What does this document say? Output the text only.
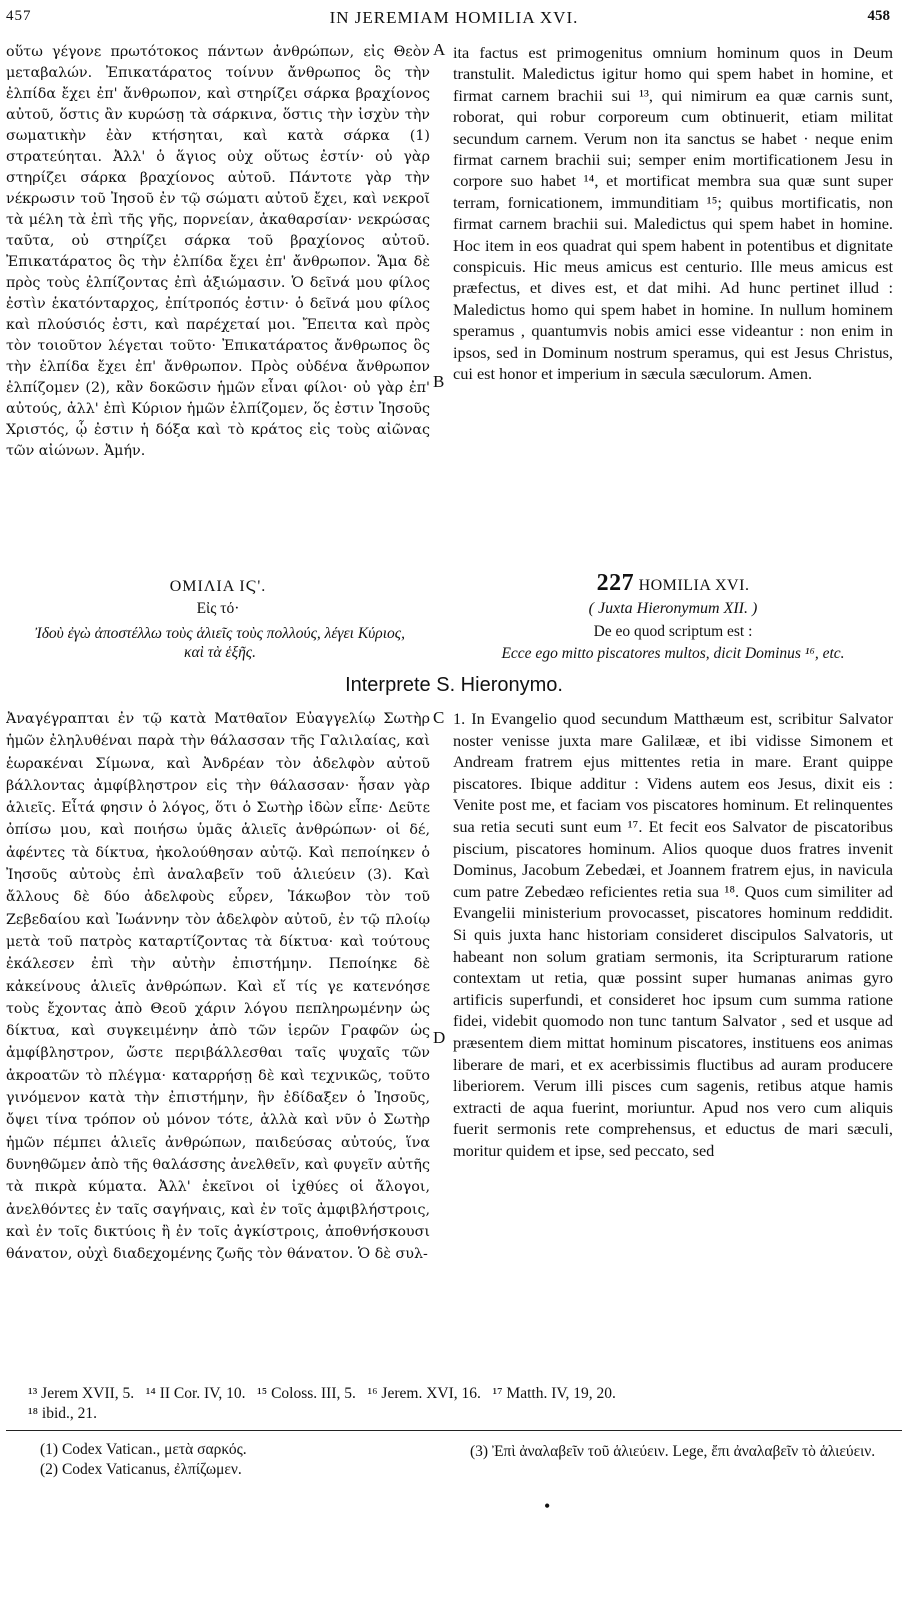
457	IN JEREMIAM HOMILIA XVI.	458

οὕτω γέγονε πρωτότοκος πάντων ἀνθρώπων, εἰς Θεὸν μεταβαλών. Ἐπικατάρατος τοίνυν ἄνθρωπος ὃς τὴν ἐλπίδα ἔχει ἐπ' ἄνθρωπον, καὶ στηρίζει σάρκα βραχίονος αὐτοῦ, ὅστις ἂν κυρώσῃ τὰ σάρκινα, ὅστις τὴν ἰσχὺν τὴν σωματικὴν ἐὰν κτήσηται, καὶ κατὰ σάρκα (1) στρατεύηται. Ἀλλ' ὁ ἅγιος οὐχ οὕτως ἐστίν· οὐ γὰρ στηρίζει σάρκα βραχίονος αὐτοῦ. Πάντοτε γὰρ τὴν νέκρωσιν τοῦ Ἰησοῦ ἐν τῷ σώματι αὐτοῦ ἔχει, καὶ νεκροῖ τὰ μέλη τὰ ἐπὶ τῆς γῆς, πορνείαν, ἀκαθαρσίαν· νεκρώσας ταῦτα, οὐ στηρίζει σάρκα τοῦ βραχίονος αὐτοῦ. Ἐπικατάρατος ὃς τὴν ἐλπίδα ἔχει ἐπ' ἄνθρωπον. Ἅμα δὲ πρὸς τοὺς ἐλπίζοντας ἐπὶ ἀξιώμασιν. Ὁ δεῖνά μου φίλος ἐστὶν ἑκατόνταρχος, ἐπίτροπός ἐστιν· ὁ δεῖνά μου φίλος καὶ πλούσιός ἐστι, καὶ παρέχεταί μοι. Ἔπειτα καὶ πρὸς τὸν τοιοῦτον λέγεται τοῦτο· Ἐπικατάρατος ἄνθρωπος ὃς τὴν ἐλπίδα ἔχει ἐπ' ἄνθρωπον. Πρὸς οὐδένα ἄνθρωπον ἐλπίζομεν (2), κἂν δοκῶσιν ἡμῶν εἶναι φίλοι· οὐ γὰρ ἐπ' αὐτούς, ἀλλ' ἐπὶ Κύριον ἡμῶν ἐλπίζομεν, ὅς ἐστιν Ἰησοῦς Χριστός, ᾧ ἐστιν ἡ δόξα καὶ τὸ κράτος εἰς τοὺς αἰῶνας τῶν αἰώνων. Ἀμήν.

A
B

ita factus est primogenitus omnium hominum quos in Deum transtulit. Maledictus igitur homo qui spem habet in homine, et firmat carnem brachii sui ¹³, qui nimirum ea quæ carnis sunt, roborat, qui robur corporeum cum obtinuerit, etiam militat secundum carnem. Verum non ita sanctus se habet · neque enim firmat carnem brachii sui; semper enim mortificationem Jesu in corpore suo habet ¹⁴, et mortificat membra sua quæ sunt super terram, fornicationem, immunditiam ¹⁵; quibus mortificatis, non firmat carnem brachii sui. Maledictus qui spem habet in homine. Hoc item in eos quadrat qui spem habent in potentibus et dignitate conspicuis. Hic meus amicus est centurio. Ille meus amicus est præfectus, et dives est, et dat mihi. Ad hunc pertinet illud : Maledictus homo qui spem habet in homine. In nullum hominem speramus , quantumvis nobis amici esse videantur : non enim in ipsos, sed in Dominum nostrum speramus, qui est Jesus Christus, cui est honor et imperium in sæcula sæculorum. Amen.

ΟΜΙΛΙΑ ΙϚ'.
Εἰς τό·
Ἰδοὺ ἐγὼ ἀποστέλλω τοὺς ἁλιεῖς τοὺς πολλούς, λέγει Κύριος, καὶ τὰ ἑξῆς.
227 HOMILIA XVI.
( Juxta Hieronymum XII. )
De eo quod scriptum est :
Ecce ego mitto piscatores multos, dicit Dominus ¹⁶, etc.
Interprete S. Hieronymo.

Ἀναγέγραπται ἐν τῷ κατὰ Ματθαῖον Εὐαγγελίῳ Σωτὴρ ἡμῶν ἐληλυθέναι παρὰ τὴν θάλασσαν τῆς Γαλιλαίας, καὶ ἑωρακέναι Σίμωνα, καὶ Ἀνδρέαν τὸν ἀδελφὸν αὐτοῦ βάλλοντας ἀμφίβληστρον εἰς τὴν θάλασσαν· ἦσαν γὰρ ἁλιεῖς. Εἶτά φησιν ὁ λόγος, ὅτι ὁ Σωτὴρ ἰδὼν εἶπε· Δεῦτε ὀπίσω μου, καὶ ποιήσω ὑμᾶς ἁλιεῖς ἀνθρώπων· οἱ δέ, ἀφέντες τὰ δίκτυα, ἠκολούθησαν αὐτῷ. Καὶ πεποίηκεν ὁ Ἰησοῦς αὐτοὺς ἐπὶ ἀναλαβεῖν τοῦ ἁλιεύειν (3). Καὶ ἄλλους δὲ δύο ἀδελφοὺς εὗρεν, Ἰάκωβον τὸν τοῦ Ζεβεδαίου καὶ Ἰωάννην τὸν ἀδελφὸν αὐτοῦ, ἐν τῷ πλοίῳ μετὰ τοῦ πατρὸς καταρτίζοντας τὰ δίκτυα· καὶ τούτους ἐκάλεσεν ἐπὶ τὴν αὐτὴν ἐπιστήμην. Πεποίηκε δὲ κἀκείνους ἁλιεῖς ἀνθρώπων. Καὶ εἴ τίς γε κατενόησε τοὺς ἔχοντας ἀπὸ Θεοῦ χάριν λόγου πεπληρωμένην ὡς δίκτυα, καὶ συγκειμένην ἀπὸ τῶν ἱερῶν Γραφῶν ὡς ἀμφίβληστρον, ὥστε περιβάλλεσθαι ταῖς ψυχαῖς τῶν ἀκροατῶν τὸ πλέγμα· καταρρήσῃ δὲ καὶ τεχνικῶς, τοῦτο γινόμενον κατὰ τὴν ἐπιστήμην, ἣν ἐδίδαξεν ὁ Ἰησοῦς, ὄψει τίνα τρόπον οὐ μόνον τότε, ἀλλὰ καὶ νῦν ὁ Σωτὴρ ἡμῶν πέμπει ἁλιεῖς ἀνθρώπων, παιδεύσας αὐτούς, ἵνα δυνηθῶμεν ἀπὸ τῆς θαλάσσης ἀνελθεῖν, καὶ φυγεῖν αὐτῆς τὰ πικρὰ κύματα. Ἀλλ' ἐκεῖνοι οἱ ἰχθύες οἱ ἄλογοι, ἀνελθόντες ἐν ταῖς σαγήναις, καὶ ἐν τοῖς ἀμφιβλήστροις, καὶ ἐν τοῖς δικτύοις ἢ ἐν τοῖς ἀγκίστροις, ἀποθνήσκουσι θάνατον, οὐχὶ διαδεχομένης ζωῆς τὸν θάνατον. Ὁ δὲ συλ-

C
D

1. In Evangelio quod secundum Matthæum est, scribitur Salvator noster venisse juxta mare Galilææ, et ibi vidisse Simonem et Andream fratrem ejus mittentes retia in mare. Erant quippe piscatores. Ibique additur : Videns autem eos Jesus, dixit eis : Venite post me, et faciam vos piscatores hominum. Et relinquentes sua retia secuti sunt eum ¹⁷. Et fecit eos Salvator de piscatoribus piscium, piscatores hominum. Alios quoque duos fratres invenit Dominus, Jacobum Zebedæi, et Joannem fratrem ejus, in navicula cum patre Zebedæo reficientes retia sua ¹⁸. Quos cum similiter ad Evangelii ministerium provocasset, piscatores hominum reddidit. Si quis juxta hanc historiam consideret discipulos Salvatoris, ut habeant non solum gratiam sermonis, ita Scripturarum ratione contextam ut retia, quæ possint super humanas animas gyro artificis superfundi, et consideret hoc ipsum cum summa ratione fidei, videbit quomodo non tunc tantum Salvator , sed et usque ad præsentem diem mittat hominum piscatores, instituens eos animas liberare de mari, et ex acerbissimis fluctibus ad auram producere liberiorem. Verum illi pisces cum sagenis, retibus atque hamis extracti de aqua fuerint, moriuntur. Apud nos vero cum aliquis fuerit sermonis rete comprehensus, et eductus de mari sæculi, moritur quidem et ipse, sed peccato, sed

¹³ Jerem XVII, 5.   ¹⁴ II Cor. IV, 10.   ¹⁵ Coloss. III, 5.   ¹⁶ Jerem. XVI, 16.   ¹⁷ Matth. IV, 19, 20.
¹⁸ ibid., 21.
(1) Codex Vatican., μετὰ σαρκός.
(2) Codex Vaticanus, ἐλπίζωμεν.
(3) Ἐπὶ ἀναλαβεῖν τοῦ ἁλιεύειν. Lege, ἔπι ἀναλαβεῖν τὸ ἁλιεύειν.
•
